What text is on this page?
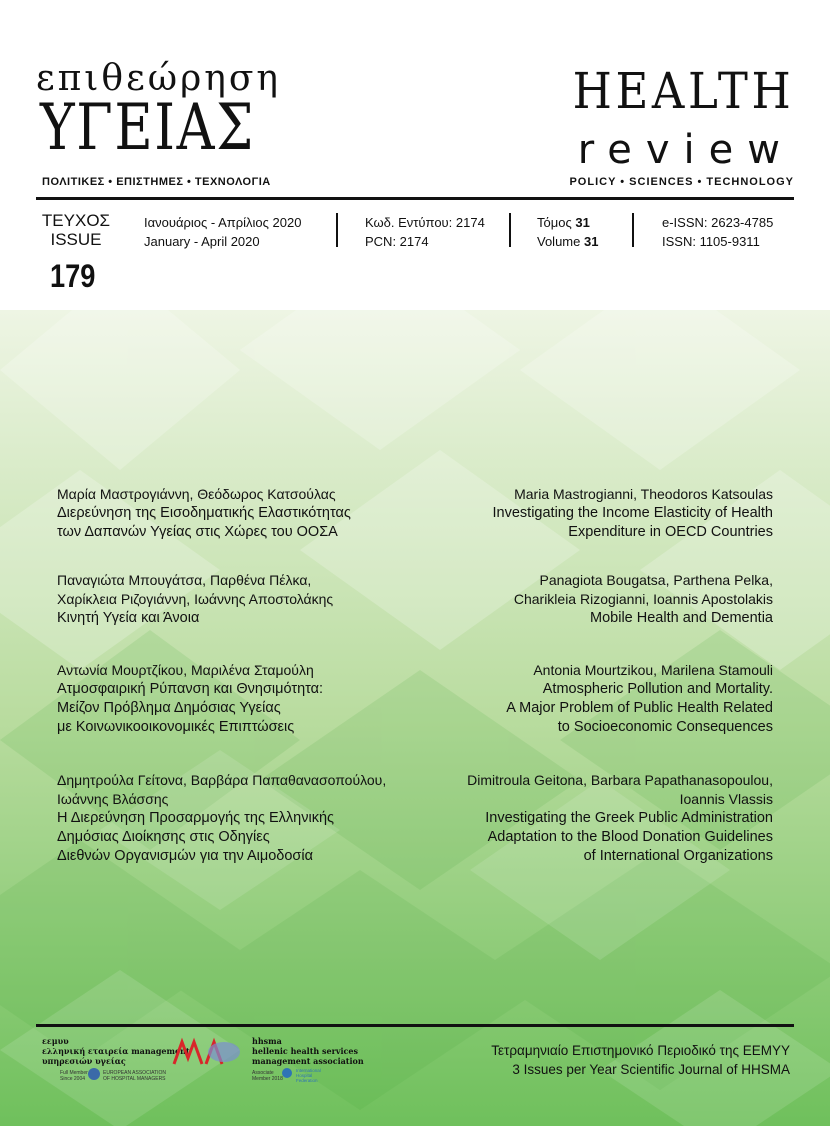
επιθεώρηση
ΥΓΕΙΑΣ
ΠΟΛΙΤΙΚΕΣ • ΕΠΙΣΤΗΜΕΣ • ΤΕΧΝΟΛΟΓΙΑ
HEALTH
review
POLICY • SCIENCES • TECHNOLOGY
ΤΕΥΧΟΣ
ISSUE
179
Ιανουάριος - Απρίλιος 2020
January - April 2020
Κωδ. Εντύπου: 2174
PCN: 2174
Τόμος 31
Volume 31
e-ISSN: 2623-4785
ISSN: 1105-9311
Μαρία Μαστρογιάννη, Θεόδωρος Κατσούλας
Διερεύνηση της Εισοδηματικής Ελαστικότητας
των Δαπανών Υγείας στις Χώρες του ΟΟΣΑ
Παναγιώτα Μπουγάτσα, Παρθένα Πέλκα,
Χαρίκλεια Ριζογιάννη, Ιωάννης Αποστολάκης
Κινητή Υγεία και Άνοια
Αντωνία Μουρτζίκου, Μαριλένα Σταμούλη
Ατμοσφαιρική Ρύπανση και Θνησιμότητα:
Μείζον Πρόβλημα Δημόσιας Υγείας
με Κοινωνικοοικονομικές Επιπτώσεις
Δημητρούλα Γείτονα, Βαρβάρα Παπαθανασοπούλου,
Ιωάννης Βλάσσης
Η Διερεύνηση Προσαρμογής της Ελληνικής
Δημόσιας Διοίκησης στις Οδηγίες
Διεθνών Οργανισμών για την Αιμοδοσία
Maria Mastrogianni, Theodoros Katsoulas
Investigating the Income Elasticity of Health
Expenditure in OECD Countries
Panagiota Bougatsa, Parthena Pelka,
Charikleia Rizogianni, Ioannis Apostolakis
Mobile Health and Dementia
Antonia Mourtzikou, Marilena Stamouli
Atmospheric Pollution and Mortality.
A Major Problem of Public Health Related
to Socioeconomic Consequences
Dimitroula Geitona, Barbara Papathanasopoulou,
Ioannis Vlassis
Investigating the Greek Public Administration
Adaptation to the Blood Donation Guidelines
of International Organizations
εεμυυ
ελληνική εταιρεία management
υπηρεσιών υγείας
Full Member
Since 2004
EUROPEAN ASSOCIATION
OF HOSPITAL MANAGERS
hhsma
hellenic health services
management association
Associate
Member 2018
International
Hospital
Federation
Τετραμηνιαίο Επιστημονικό Περιοδικό της ΕΕΜΥΥ
3 Issues per Year Scientific Journal of HHSMA
